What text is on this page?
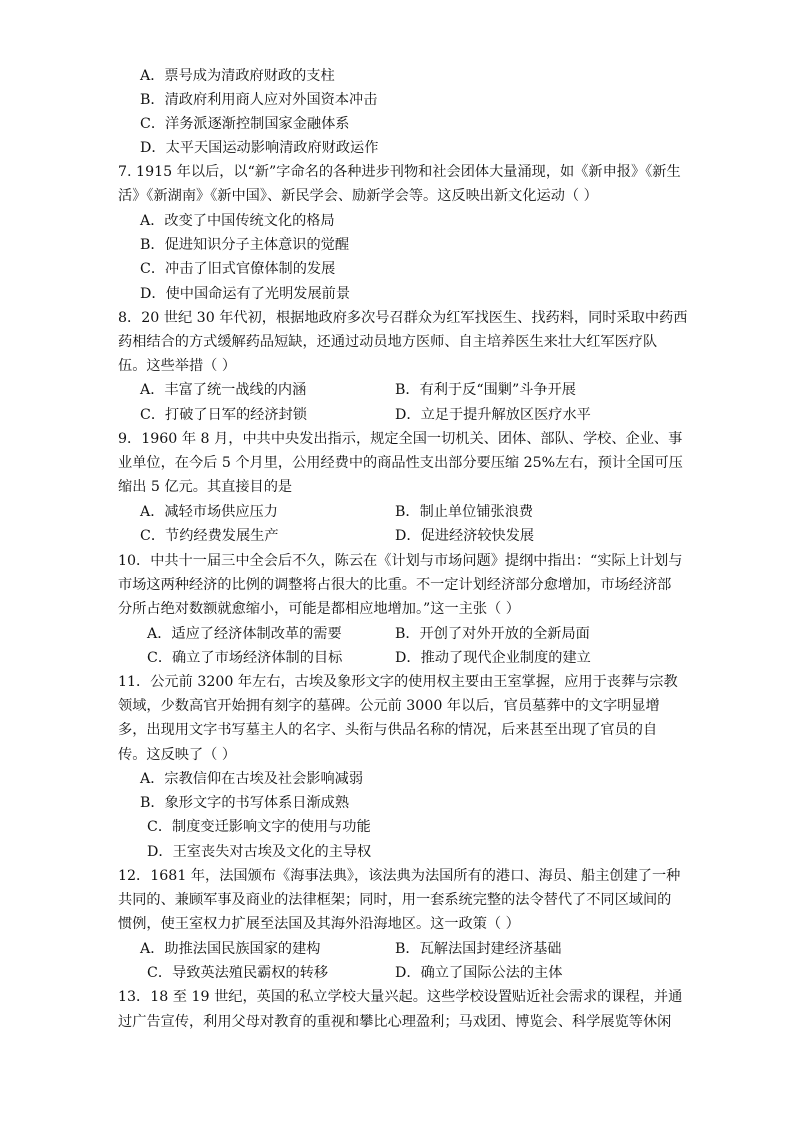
A．票号成为清政府财政的支柱
B．清政府利用商人应对外国资本冲击
C．洋务派逐渐控制国家金融体系
D．太平天国运动影响清政府财政运作
7. 1915 年以后，以“新”字命名的各种进步刊物和社会团体大量涌现，如《新申报》《新生
活》《新湖南》《新中国》、新民学会、励新学会等。这反映出新文化运动（ ）
A．改变了中国传统文化的格局
B．促进知识分子主体意识的觉醒
C．冲击了旧式官僚体制的发展
D．使中国命运有了光明发展前景
8．20 世纪 30 年代初，根据地政府多次号召群众为红军找医生、找药料，同时采取中药西
药相结合的方式缓解药品短缺，还通过动员地方医师、自主培养医生来壮大红军医疗队
伍。这些举措（ ）
A．丰富了统一战线的内涵	B．有利于反“围剿”斗争开展
C．打破了日军的经济封锁	D．立足于提升解放区医疗水平
9．1960 年 8 月，中共中央发出指示，规定全国一切机关、团体、部队、学校、企业、事
业单位，在今后 5 个月里，公用经费中的商品性支出部分要压缩 25%左右，预计全国可压
缩出 5 亿元。其直接目的是
A．减轻市场供应压力	B．制止单位铺张浪费
C．节约经费发展生产	D．促进经济较快发展
10．中共十一届三中全会后不久，陈云在《计划与市场问题》提纲中指出：“实际上计划与
市场这两种经济的比例的调整将占很大的比重。不一定计划经济部分愈增加，市场经济部
分所占绝对数额就愈缩小，可能是都相应地增加。”这一主张（ ）
A．适应了经济体制改革的需要	B．开创了对外开放的全新局面
C．确立了市场经济体制的目标	D．推动了现代企业制度的建立
11．公元前 3200 年左右，古埃及象形文字的使用权主要由王室掌握，应用于丧葬与宗教
领域，少数高官开始拥有刻字的墓碑。公元前 3000 年以后，官员墓葬中的文字明显增
多，出现用文字书写墓主人的名字、头衔与供品名称的情况，后来甚至出现了官员的自
传。这反映了（ ）
A．宗教信仰在古埃及社会影响减弱
B．象形文字的书写体系日渐成熟
C．制度变迁影响文字的使用与功能
D．王室丧失对古埃及文化的主导权
12．1681 年，法国颁布《海事法典》，该法典为法国所有的港口、海员、船主创建了一种
共同的、兼顾军事及商业的法律框架；同时，用一套系统完整的法令替代了不同区域间的
惯例，使王室权力扩展至法国及其海外沿海地区。这一政策（ ）
A．助推法国民族国家的建构	B．瓦解法国封建经济基础
C．导致英法殖民霸权的转移	D．确立了国际公法的主体
13．18 至 19 世纪，英国的私立学校大量兴起。这些学校设置贴近社会需求的课程，并通
过广告宣传，利用父母对教育的重视和攀比心理盈利；马戏团、博览会、科学展览等休闲
